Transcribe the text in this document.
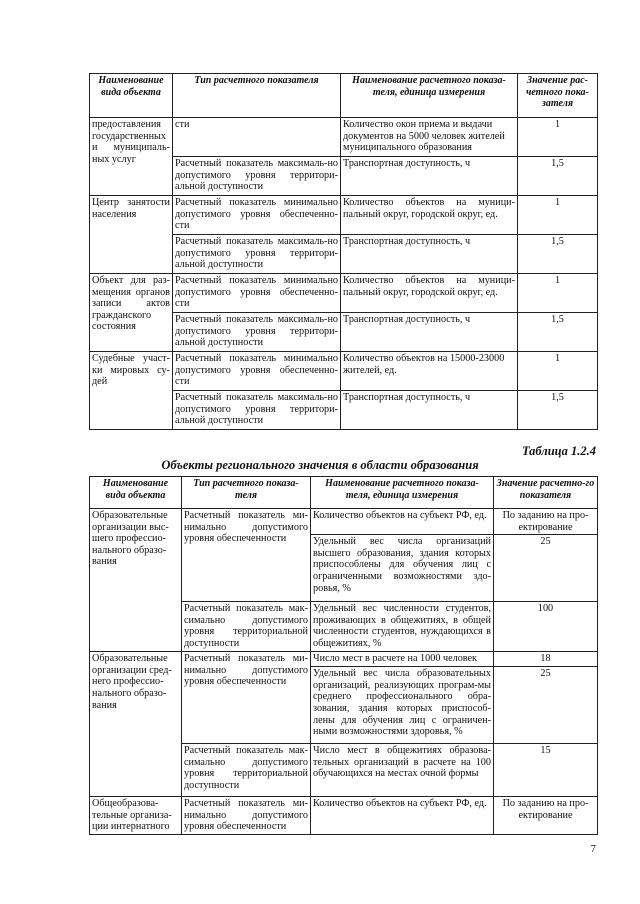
Наименование вида объекта	Тип расчетного показателя	Наименование расчетного показа-теля, единица измерения	Значение рас-четного пока-зателя
предоставления государственных и муниципаль-ных услуг	сти	Количество окон приема и выдачи документов на 5000 человек жителей муниципального образования	1
	Расчетный показатель максималь-но допустимого уровня территори-альной доступности	Транспортная доступность, ч	1,5
Центр занятости населения	Расчетный показатель минимально допустимого уровня обеспеченно-сти	Количество объектов на муници-пальный округ, городской округ, ед.	1
	Расчетный показатель максималь-но допустимого уровня территори-альной доступности	Транспортная доступность, ч	1,5
Объект для раз-мещения органов записи актов гражданского состояния	Расчетный показатель минимально допустимого уровня обеспеченно-сти	Количество объектов на муници-пальный округ, городской округ, ед.	1
	Расчетный показатель максималь-но допустимого уровня территори-альной доступности	Транспортная доступность, ч	1,5
Судебные участ-ки мировых су-дей	Расчетный показатель минимально допустимого уровня обеспеченно-сти	Количество объектов на 15000-23000 жителей, ед.	1
	Расчетный показатель максималь-но допустимого уровня территори-альной доступности	Транспортная доступность, ч	1,5
Таблица 1.2.4
Объекты регионального значения в области образования
Наименование вида объекта	Тип расчетного показа-теля	Наименование расчетного показа-теля, единица измерения	Значение расчетно-го показателя
Образовательные организации выс-шего профессио-нального образо-вания	Расчетный показатель ми-нимально допустимого уровня обеспеченности	Количество объектов на субъект РФ, ед.	По заданию на про-ектирование
		Удельный вес числа организаций высшего образования, здания которых приспособлены для обучения лиц с ограниченными возможностями здо-ровья, %	25
	Расчетный показатель мак-симально допустимого уровня территориальной доступности	Удельный вес численности студентов, проживающих в общежитиях, в общей численности студентов, нуждающихся в общежитиях, %	100
Образовательные организации сред-него профессио-нального образо-вания	Расчетный показатель ми-нимально допустимого уровня обеспеченности	Число мест в расчете на 1000 человек	18
		Удельный вес числа образовательных организаций, реализующих програм-мы среднего профессионального обра-зования, здания которых приспособ-лены для обучения лиц с ограничен-ными возможностями здоровья, %	25
	Расчетный показатель мак-симально допустимого уровня территориальной доступности	Число мест в общежитиях образова-тельных организаций в расчете на 100 обучающихся на местах очной формы	15
Общеобразова-тельные организа-ции интернатного	Расчетный показатель ми-нимально допустимого уровня обеспеченности	Количество объектов на субъект РФ, ед.	По заданию на про-ектирование
7
